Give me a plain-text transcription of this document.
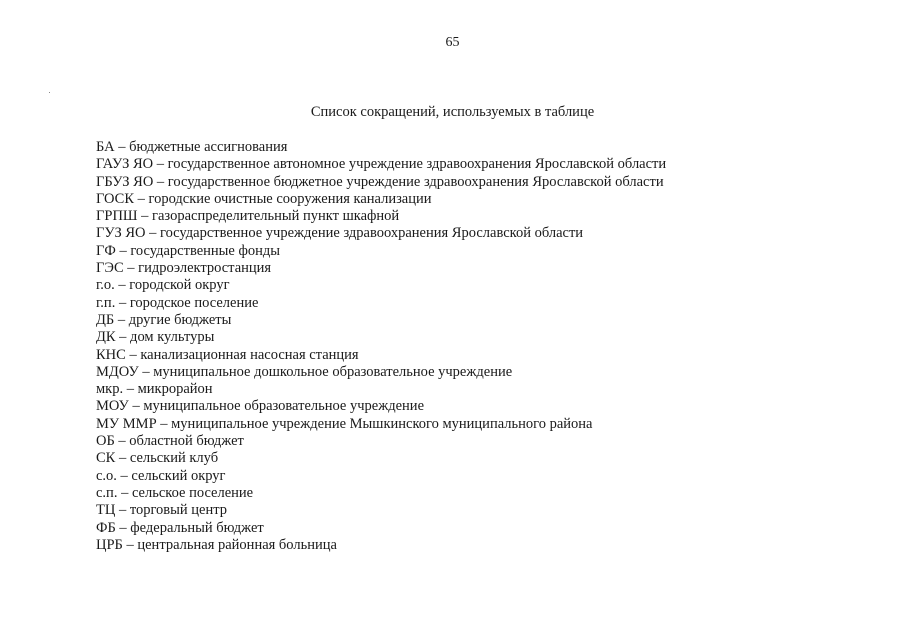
65
Список сокращений, используемых в таблице
БА – бюджетные ассигнования
ГАУЗ ЯО – государственное автономное учреждение здравоохранения Ярославской области
ГБУЗ ЯО – государственное бюджетное учреждение здравоохранения Ярославской области
ГОСК – городские очистные сооружения канализации
ГРПШ – газораспределительный пункт шкафной
ГУЗ ЯО – государственное учреждение здравоохранения Ярославской области
ГФ – государственные фонды
ГЭС – гидроэлектростанция
г.о. – городской округ
г.п. – городское поселение
ДБ – другие бюджеты
ДК – дом культуры
КНС – канализационная насосная станция
МДОУ – муниципальное дошкольное образовательное учреждение
мкр. – микрорайон
МОУ – муниципальное образовательное учреждение
МУ ММР – муниципальное учреждение Мышкинского муниципального района
ОБ – областной бюджет
СК – сельский клуб
с.о. – сельский округ
с.п. – сельское поселение
ТЦ – торговый центр
ФБ – федеральный бюджет
ЦРБ – центральная районная больница
